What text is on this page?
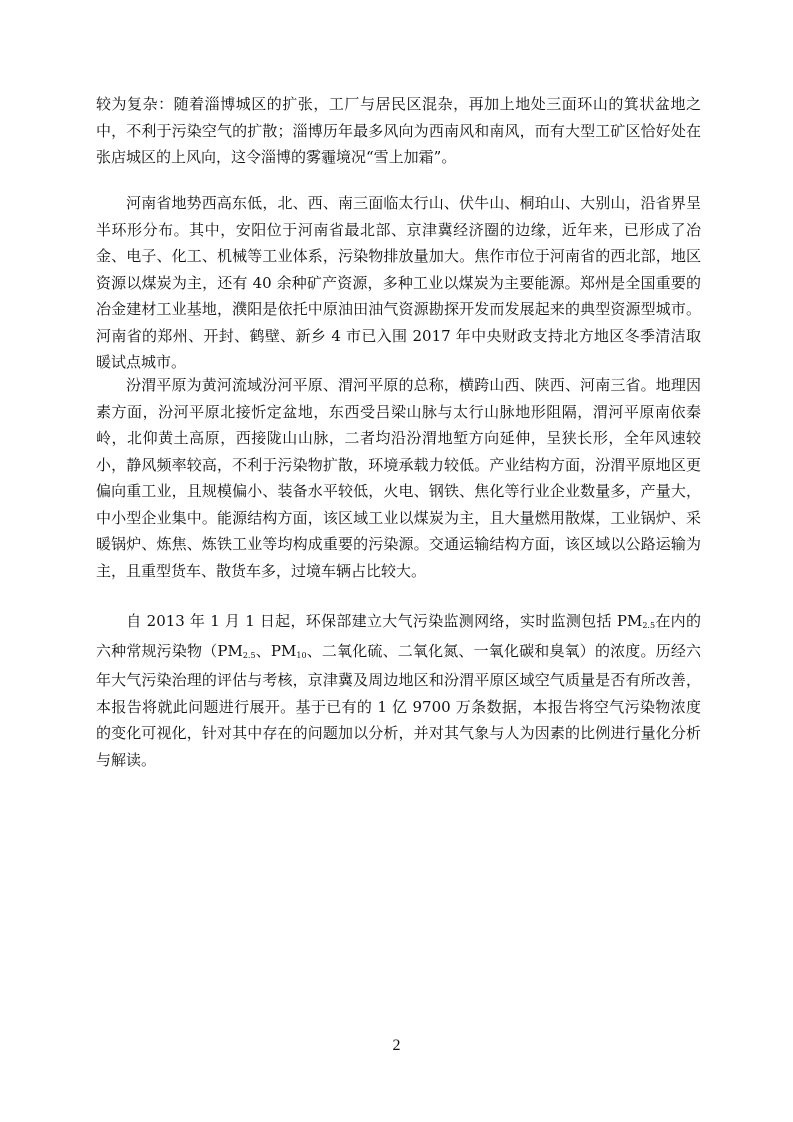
较为复杂：随着淄博城区的扩张，工厂与居民区混杂，再加上地处三面环山的箕状盆地之中，不利于污染空气的扩散；淄博历年最多风向为西南风和南风，而有大型工矿区恰好处在张店城区的上风向，这令淄博的雾霾境况“雪上加霜”。

河南省地势西高东低，北、西、南三面临太行山、伏牛山、桐珀山、大别山，沿省界呈半环形分布。其中，安阳位于河南省最北部、京津冀经济圈的边缘，近年来，已形成了冶金、电子、化工、机械等工业体系，污染物排放量加大。焦作市位于河南省的西北部，地区资源以煤炭为主，还有 40 余种矿产资源，多种工业以煤炭为主要能源。郑州是全国重要的冶金建材工业基地，濮阳是依托中原油田油气资源勘探开发而发展起来的典型资源型城市。河南省的郑州、开封、鹤壁、新乡 4 市已入围 2017 年中央财政支持北方地区冬季清洁取暖试点城市。

汾渭平原为黄河流域汾河平原、渭河平原的总称，横跨山西、陕西、河南三省。地理因素方面，汾河平原北接忻定盆地，东西受吕梁山脉与太行山脉地形阻隔，渭河平原南依秦岭，北仰黄土高原，西接陇山山脉，二者均沿汾渭地堑方向延伸，呈狭长形，全年风速较小，静风频率较高，不利于污染物扩散，环境承载力较低。产业结构方面，汾渭平原地区更偏向重工业，且规模偏小、装备水平较低，火电、钢铁、焦化等行业企业数量多，产量大，中小型企业集中。能源结构方面，该区域工业以煤炭为主，且大量燃用散煤，工业锅炉、采暖锅炉、炼焦、炼铁工业等均构成重要的污染源。交通运输结构方面，该区域以公路运输为主，且重型货车、散货车多，过境车辆占比较大。

自 2013 年 1 月 1 日起，环保部建立大气污染监测网络，实时监测包括 PM2.5在内的六种常规污染物（PM2.5、PM10、二氧化硫、二氧化氮、一氧化碳和臭氧）的浓度。历经六年大气污染治理的评估与考核，京津冀及周边地区和汾渭平原区域空气质量是否有所改善，本报告将就此问题进行展开。基于已有的 1 亿 9700 万条数据，本报告将空气污染物浓度的变化可视化，针对其中存在的问题加以分析，并对其气象与人为因素的比例进行量化分析与解读。

2
